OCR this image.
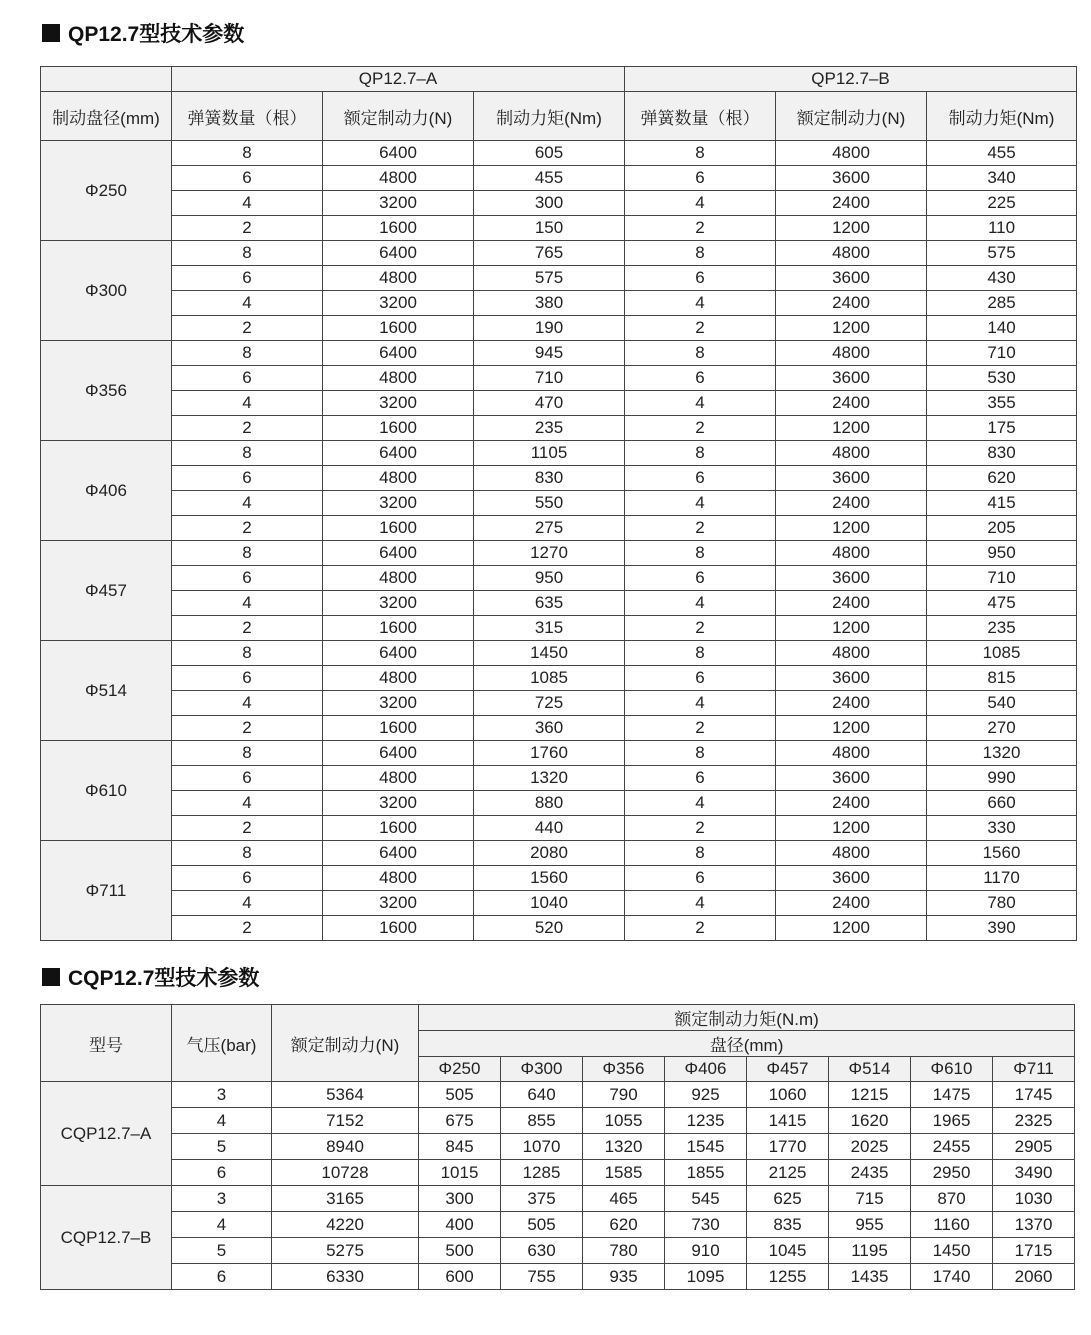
QP12.7型技术参数
	QP12.7–A			QP12.7–B		
制动盘径(mm)	弹簧数量（根）	额定制动力(N)	制动力矩(Nm)	弹簧数量（根）	额定制动力(N)	制动力矩(Nm)
Φ250	8	6400	605	8	4800	455
	6	4800	455	6	3600	340
	4	3200	300	4	2400	225
	2	1600	150	2	1200	110
Φ300	8	6400	765	8	4800	575
	6	4800	575	6	3600	430
	4	3200	380	4	2400	285
	2	1600	190	2	1200	140
Φ356	8	6400	945	8	4800	710
	6	4800	710	6	3600	530
	4	3200	470	4	2400	355
	2	1600	235	2	1200	175
Φ406	8	6400	1105	8	4800	830
	6	4800	830	6	3600	620
	4	3200	550	4	2400	415
	2	1600	275	2	1200	205
Φ457	8	6400	1270	8	4800	950
	6	4800	950	6	3600	710
	4	3200	635	4	2400	475
	2	1600	315	2	1200	235
Φ514	8	6400	1450	8	4800	1085
	6	4800	1085	6	3600	815
	4	3200	725	4	2400	540
	2	1600	360	2	1200	270
Φ610	8	6400	1760	8	4800	1320
	6	4800	1320	6	3600	990
	4	3200	880	4	2400	660
	2	1600	440	2	1200	330
Φ711	8	6400	2080	8	4800	1560
	6	4800	1560	6	3600	1170
	4	3200	1040	4	2400	780
	2	1600	520	2	1200	390
CQP12.7型技术参数
型号	气压(bar)	额定制动力(N)	额定制动力矩(N.m)							
			盘径(mm)							
			Φ250	Φ300	Φ356	Φ406	Φ457	Φ514	Φ610	Φ711
CQP12.7–A	3	5364	505	640	790	925	1060	1215	1475	1745
	4	7152	675	855	1055	1235	1415	1620	1965	2325
	5	8940	845	1070	1320	1545	1770	2025	2455	2905
	6	10728	1015	1285	1585	1855	2125	2435	2950	3490
CQP12.7–B	3	3165	300	375	465	545	625	715	870	1030
	4	4220	400	505	620	730	835	955	1160	1370
	5	5275	500	630	780	910	1045	1195	1450	1715
	6	6330	600	755	935	1095	1255	1435	1740	2060
